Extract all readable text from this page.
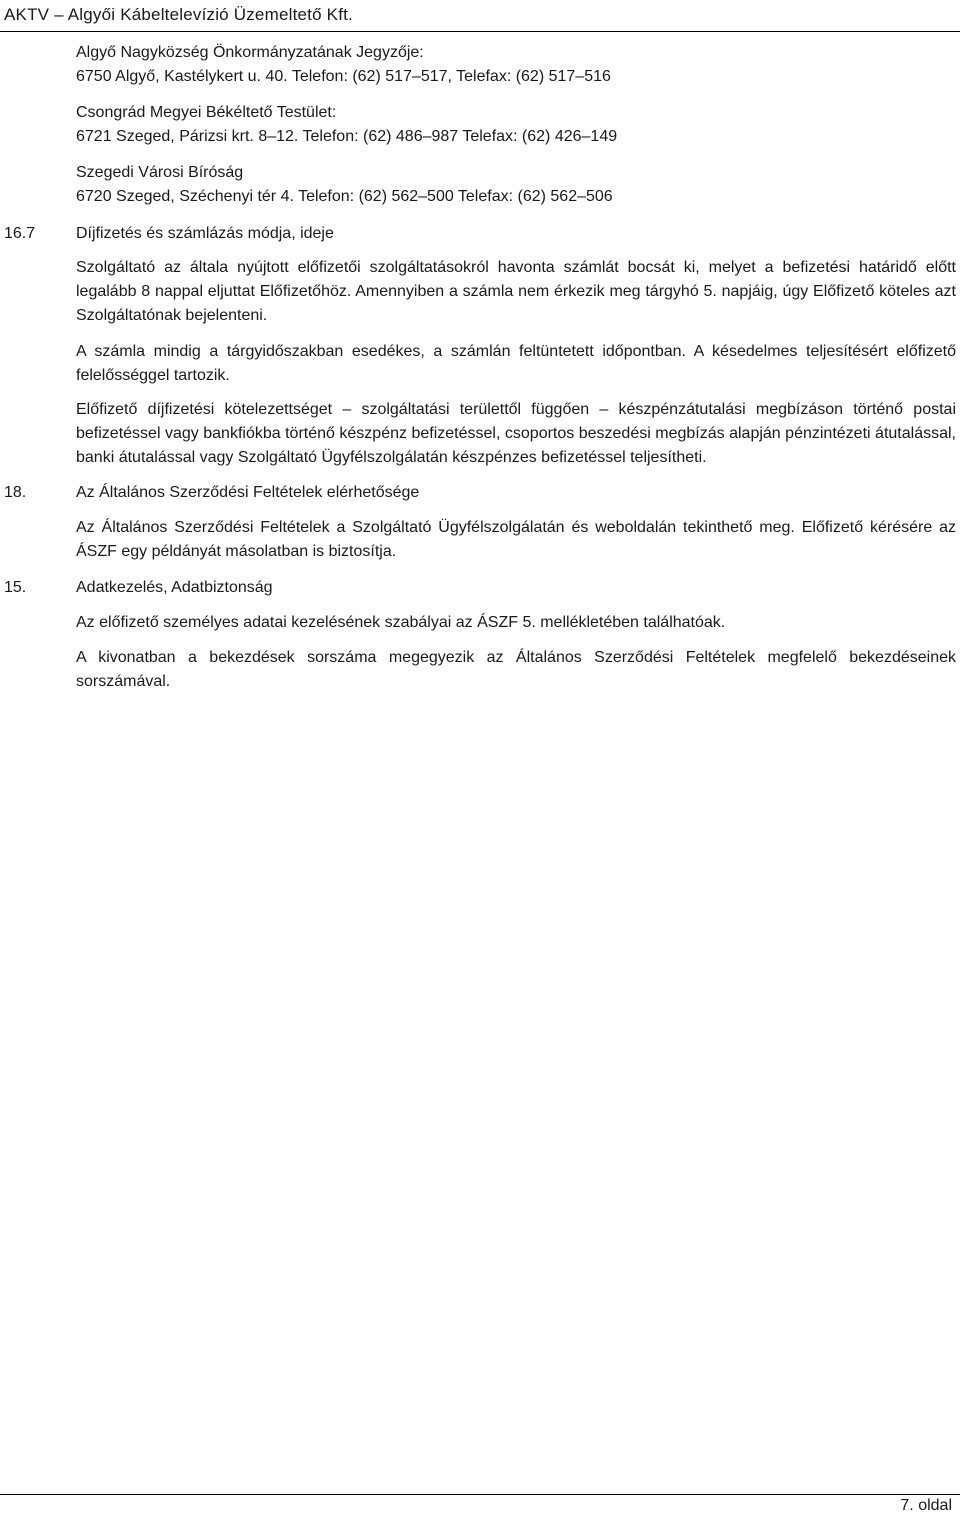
AKTV – Algyői Kábeltelevízió Üzemeltető Kft.
Algyő Nagyközség Önkormányzatának Jegyzője:
6750 Algyő, Kastélykert u. 40. Telefon: (62) 517–517, Telefax: (62) 517–516
Csongrád Megyei Békéltető Testület:
6721 Szeged, Párizsi krt. 8–12. Telefon: (62) 486–987 Telefax: (62) 426–149
Szegedi Városi Bíróság
6720 Szeged, Széchenyi tér 4. Telefon: (62) 562–500 Telefax: (62) 562–506
16.7	Díjfizetés és számlázás módja, ideje
Szolgáltató az általa nyújtott előfizetői szolgáltatásokról havonta számlát bocsát ki, melyet a befizetési határidő előtt legalább 8 nappal eljuttat Előfizetőhöz. Amennyiben a számla nem érkezik meg tárgyhó 5. napjáig, úgy Előfizető köteles azt Szolgáltatónak bejelenteni.
A számla mindig a tárgyidőszakban esedékes, a számlán feltüntetett időpontban. A késedelmes teljesítésért előfizető felelősséggel tartozik.
Előfizető díjfizetési kötelezettséget – szolgáltatási területtől függően – készpénzátutalási megbízáson történő postai befizetéssel vagy bankfiókba történő készpénz befizetéssel, csoportos beszedési megbízás alapján pénzintézeti átutalással, banki átutalással vagy Szolgáltató Ügyfélszolgálatán készpénzes befizetéssel teljesítheti.
18.	Az Általános Szerződési Feltételek elérhetősége
Az Általános Szerződési Feltételek a Szolgáltató Ügyfélszolgálatán és weboldalán tekinthető meg. Előfizető kérésére az ÁSZF egy példányát másolatban is biztosítja.
15.	Adatkezelés, Adatbiztonság
Az előfizető személyes adatai kezelésének szabályai az ÁSZF 5. mellékletében találhatóak.
A kivonatban a bekezdések sorszáma megegyezik az Általános Szerződési Feltételek megfelelő bekezdéseinek sorszámával.
7. oldal
